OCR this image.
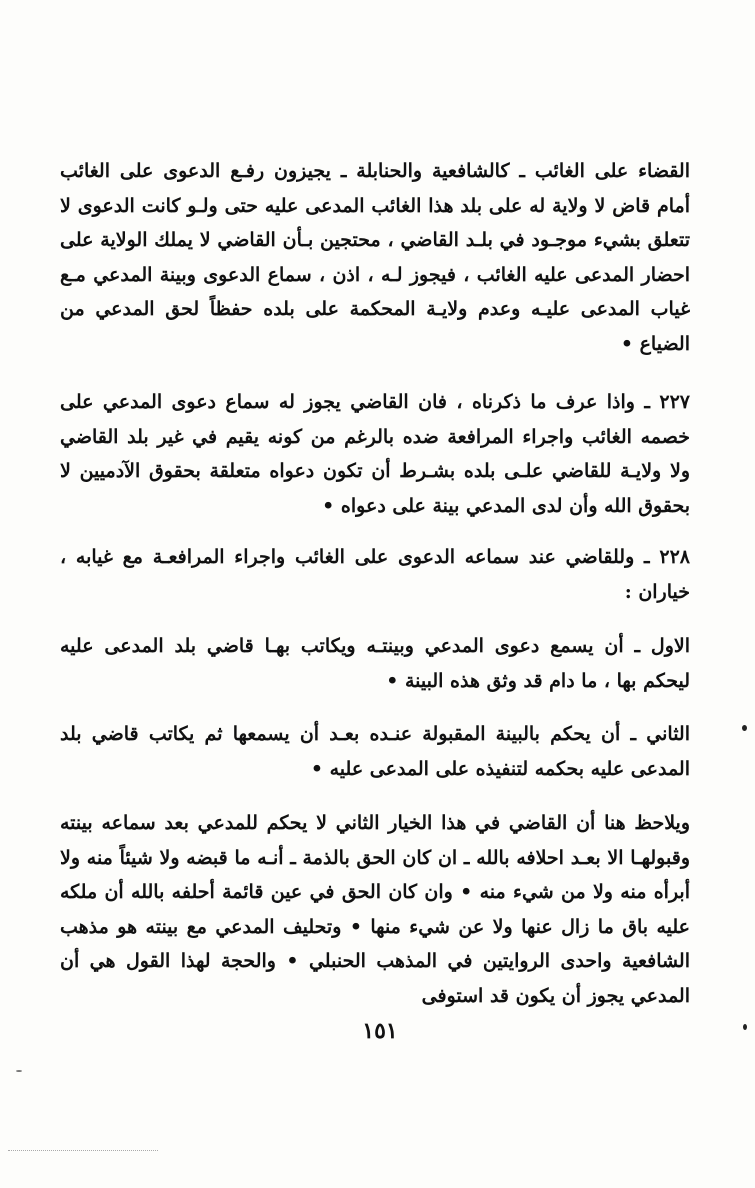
القضاء على الغائب ـ كالشافعية والحنابلة ـ يجيزون رفـع الدعوى على الغائب أمام قاض لا ولاية له على بلد هذا الغائب المدعى عليه حتى ولـو كانت الدعوى لا تتعلق بشيء موجـود في بلـد القاضي ، محتجين بـأن القاضي لا يملك الولاية على احضار المدعى عليه الغائب ، فيجوز لـه ، اذن ، سماع الدعوى وبينة المدعي مـع غياب المدعى عليـه وعدم ولايـة المحكمة على بلده حفظاً لحق المدعي من الضياع •

٢٢٧ ـ واذا عرف ما ذكرناه ، فان القاضي يجوز له سماع دعوى المدعي على خصمه الغائب واجراء المرافعة ضده بالرغم من كونه يقيم في غير بلد القاضي ولا ولايـة للقاضي علـى بلده بشـرط أن تكون دعواه متعلقة بحقوق الآدميين لا بحقوق الله وأن لدى المدعي بينة على دعواه •

٢٢٨ ـ وللقاضي عند سماعه الدعوى على الغائب واجراء المرافعـة مع غيابه ، خياران :

الاول ـ أن يسمع دعوى المدعي وبينتـه ويكاتب بهـا قاضي بلد المدعى عليه ليحكم بها ، ما دام قد وثق هذه البينة •

الثاني ـ أن يحكم بالبينة المقبولة عنـده بعـد أن يسمعها ثم يكاتب قاضي بلد المدعى عليه بحكمه لتنفيذه على المدعى عليه •

ويلاحظ هنا أن القاضي في هذا الخيار الثاني لا يحكم للمدعي بعد سماعه بينته وقبولهـا الا بعـد احلافه بالله ـ ان كان الحق بالذمة ـ أنـه ما قبضه ولا شيئاً منه ولا أبرأه منه ولا من شيء منه • وان كان الحق في عين قائمة أحلفه بالله أن ملكه عليه باق ما زال عنها ولا عن شيء منها • وتحليف المدعي مع بينته هو مذهب الشافعية واحدى الروايتين في المذهب الحنبلي • والحجة لهذا القول هي أن المدعي يجوز أن يكون قد استوفى

١٥١
